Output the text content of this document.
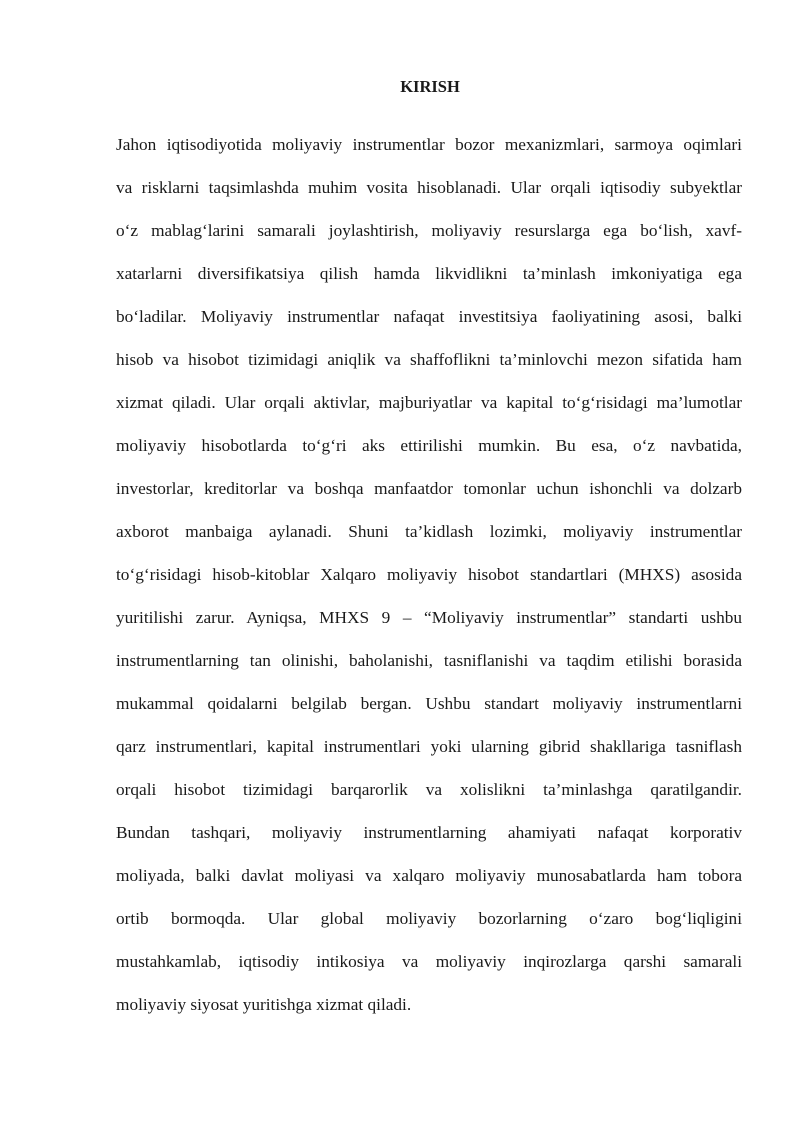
KIRISH
Jahon iqtisodiyotida moliyaviy instrumentlar bozor mexanizmlari, sarmoya oqimlari
va risklarni taqsimlashda muhim vosita hisoblanadi. Ular orqali iqtisodiy subyektlar
o‘z mablag‘larini samarali joylashtirish, moliyaviy resurslarga ega bo‘lish, xavf-
xatarlarni diversifikatsiya qilish hamda likvidlikni ta’minlash imkoniyatiga ega
bo‘ladilar. Moliyaviy instrumentlar nafaqat investitsiya faoliyatining asosi, balki
hisob va hisobot tizimidagi aniqlik va shaffoflikni ta’minlovchi mezon sifatida ham
xizmat qiladi. Ular orqali aktivlar, majburiyatlar va kapital to‘g‘risidagi ma’lumotlar
moliyaviy hisobotlarda to‘g‘ri aks ettirilishi mumkin. Bu esa, o‘z navbatida,
investorlar, kreditorlar va boshqa manfaatdor tomonlar uchun ishonchli va dolzarb
axborot manbaiga aylanadi. Shuni ta’kidlash lozimki, moliyaviy instrumentlar
to‘g‘risidagi hisob-kitoblar Xalqaro moliyaviy hisobot standartlari (MHXS) asosida
yuritilishi zarur. Ayniqsa, MHXS 9 – “Moliyaviy instrumentlar” standarti ushbu
instrumentlarning tan olinishi, baholanishi, tasniflanishi va taqdim etilishi borasida
mukammal qoidalarni belgilab bergan. Ushbu standart moliyaviy instrumentlarni
qarz instrumentlari, kapital instrumentlari yoki ularning gibrid shakllariga tasniflash
orqali hisobot tizimidagi barqarorlik va xolislikni ta’minlashga qaratilgandir.
Bundan tashqari, moliyaviy instrumentlarning ahamiyati nafaqat korporativ
moliyada, balki davlat moliyasi va xalqaro moliyaviy munosabatlarda ham tobora
ortib bormoqda. Ular global moliyaviy bozorlarning o‘zaro bog‘liqligini
mustahkamlab, iqtisodiy intikosiya va moliyaviy inqirozlarga qarshi samarali
moliyaviy siyosat yuritishga xizmat qiladi.
